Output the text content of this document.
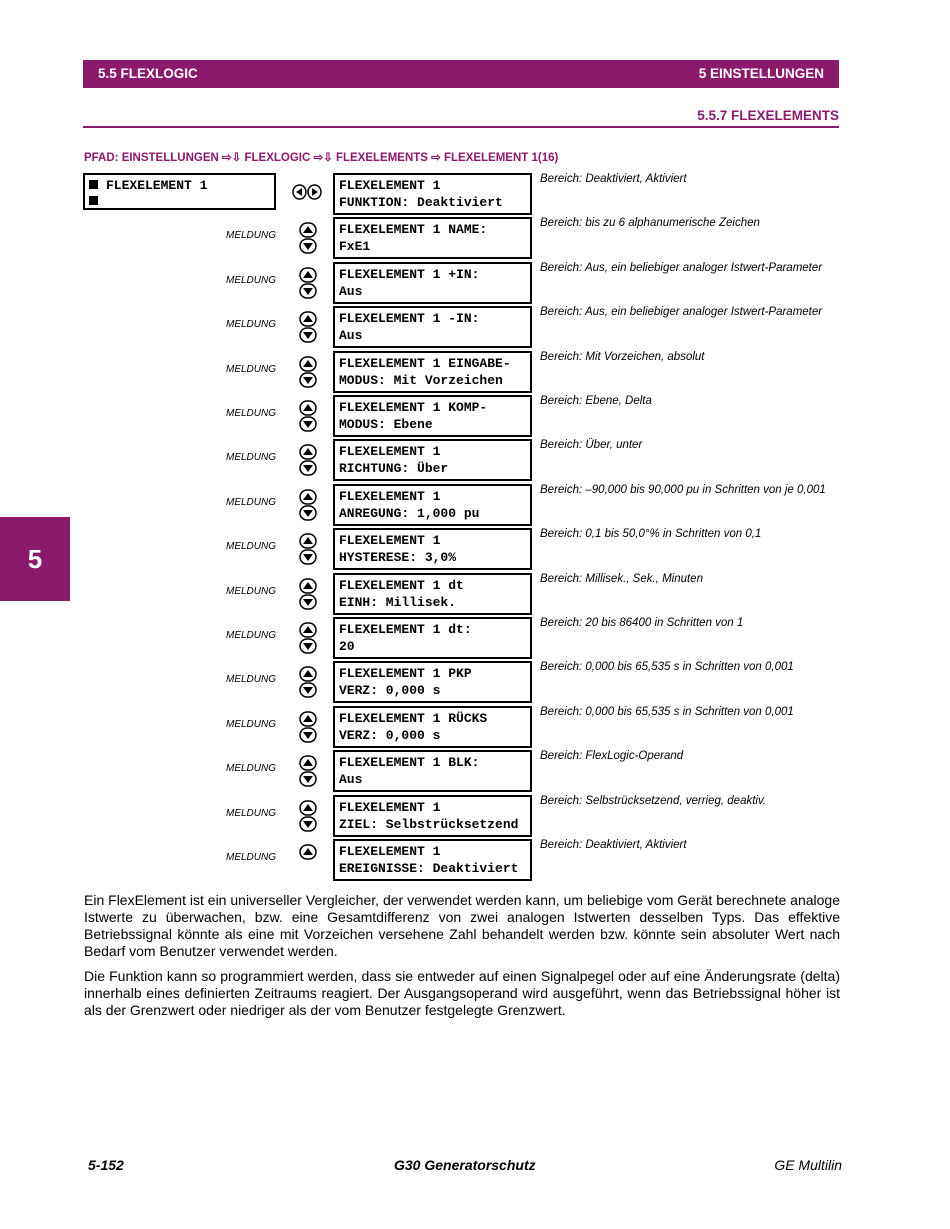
5.5 FLEXLOGIC	5 EINSTELLUNGEN
5.5.7 FLEXELEMENTS
PFAD: EINSTELLUNGEN ⇨⇩ FLEXLOGIC ⇨⇩ FLEXELEMENTS ⇨ FLEXELEMENT 1(16)
5
FLEXELEMENT 1	FLEXELEMENT 1
FUNKTION: Deaktiviert
Bereich: Deaktiviert, Aktiviert
MELDUNG	FLEXELEMENT 1 NAME:
FxE1
Bereich: bis zu 6 alphanumerische Zeichen
MELDUNG	FLEXELEMENT 1 +IN:
Aus
Bereich: Aus, ein beliebiger analoger Istwert-Parameter
MELDUNG	FLEXELEMENT 1 -IN:
Aus
Bereich: Aus, ein beliebiger analoger Istwert-Parameter
MELDUNG	FLEXELEMENT 1 EINGABE-
MODUS: Mit Vorzeichen
Bereich: Mit Vorzeichen, absolut
MELDUNG	FLEXELEMENT 1 KOMP-
MODUS: Ebene
Bereich: Ebene, Delta
MELDUNG	FLEXELEMENT 1
RICHTUNG: Über
Bereich: Über, unter
MELDUNG	FLEXELEMENT 1
ANREGUNG: 1,000 pu
Bereich: –90,000 bis 90,000 pu in Schritten von je 0,001
MELDUNG	FLEXELEMENT 1
HYSTERESE: 3,0%
Bereich: 0,1 bis 50,0°% in Schritten von 0,1
MELDUNG	FLEXELEMENT 1 dt
EINH: Millisek.
Bereich: Millisek., Sek., Minuten
MELDUNG	FLEXELEMENT 1 dt:
20
Bereich: 20 bis 86400 in Schritten von 1
MELDUNG	FLEXELEMENT 1 PKP
VERZ: 0,000 s
Bereich: 0,000 bis 65,535 s in Schritten von 0,001
MELDUNG	FLEXELEMENT 1 RÜCKS
VERZ: 0,000 s
Bereich: 0,000 bis 65,535 s in Schritten von 0,001
MELDUNG	FLEXELEMENT 1 BLK:
Aus
Bereich: FlexLogic-Operand
MELDUNG	FLEXELEMENT 1
ZIEL: Selbstrücksetzend
Bereich: Selbstrücksetzend, verrieg, deaktiv.
MELDUNG	FLEXELEMENT 1
EREIGNISSE: Deaktiviert
Bereich: Deaktiviert, Aktiviert
Ein FlexElement ist ein universeller Vergleicher, der verwendet werden kann, um beliebige vom Gerät berechnete analoge Istwerte zu überwachen, bzw. eine Gesamtdifferenz von zwei analogen Istwerten desselben Typs. Das effektive Betriebssignal könnte als eine mit Vorzeichen versehene Zahl behandelt werden bzw. könnte sein absoluter Wert nach Bedarf vom Benutzer verwendet werden.
Die Funktion kann so programmiert werden, dass sie entweder auf einen Signalpegel oder auf eine Änderungsrate (delta) innerhalb eines definierten Zeitraums reagiert. Der Ausgangsoperand wird ausgeführt, wenn das Betriebssignal höher ist als der Grenzwert oder niedriger als der vom Benutzer festgelegte Grenzwert.
5-152	G30 Generatorschutz	GE Multilin
